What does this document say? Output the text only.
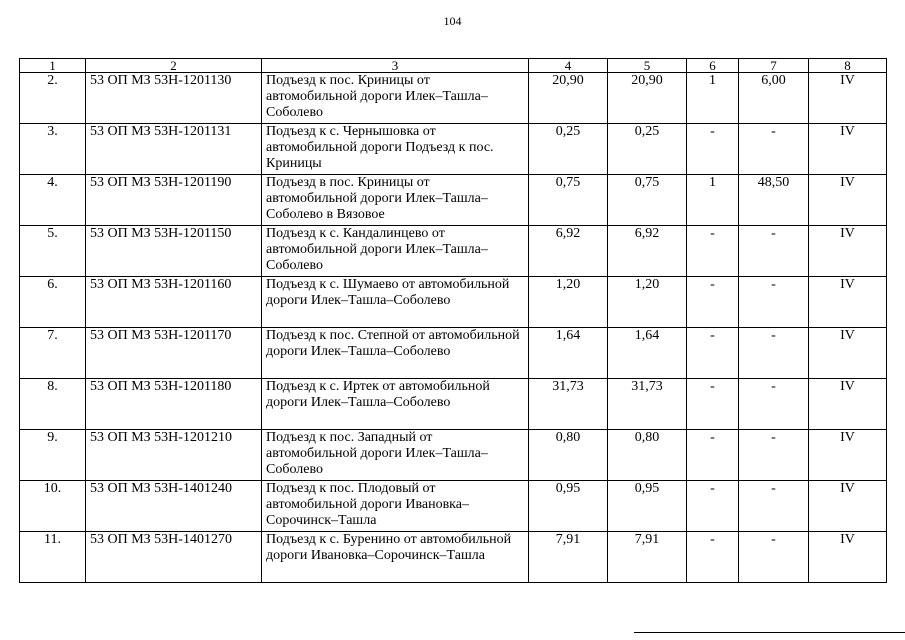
104
1	2	3	4	5	6	7	8
2.	53 ОП МЗ 53Н-1201130	Подъезд к пос. Криницы от автомобильной дороги Илек–Ташла–Соболево	20,90	20,90	1	6,00	IV
3.	53 ОП МЗ 53Н-1201131	Подъезд к с. Чернышовка от автомобильной дороги Подъезд к пос. Криницы	0,25	0,25	-	-	IV
4.	53 ОП МЗ 53Н-1201190	Подъезд в пос. Криницы от автомобильной дороги Илек–Ташла–Соболево в Вязовое	0,75	0,75	1	48,50	IV
5.	53 ОП МЗ 53Н-1201150	Подъезд к с. Кандалинцево от автомобильной дороги Илек–Ташла–Соболево	6,92	6,92	-	-	IV
6.	53 ОП МЗ 53Н-1201160	Подъезд к с. Шумаево от автомобильной дороги Илек–Ташла–Соболево	1,20	1,20	-	-	IV
7.	53 ОП МЗ 53Н-1201170	Подъезд к пос. Степной от автомобильной дороги Илек–Ташла–Соболево	1,64	1,64	-	-	IV
8.	53 ОП МЗ 53Н-1201180	Подъезд к с. Иртек от автомобильной дороги Илек–Ташла–Соболево	31,73	31,73	-	-	IV
9.	53 ОП МЗ 53Н-1201210	Подъезд к пос. Западный от автомобильной дороги Илек–Ташла–Соболево	0,80	0,80	-	-	IV
10.	53 ОП МЗ 53Н-1401240	Подъезд к пос. Плодовый от автомобильной дороги Ивановка–Сорочинск–Ташла	0,95	0,95	-	-	IV
11.	53 ОП МЗ 53Н-1401270	Подъезд к с. Буренино от автомобильной дороги Ивановка–Сорочинск–Ташла	7,91	7,91	-	-	IV
